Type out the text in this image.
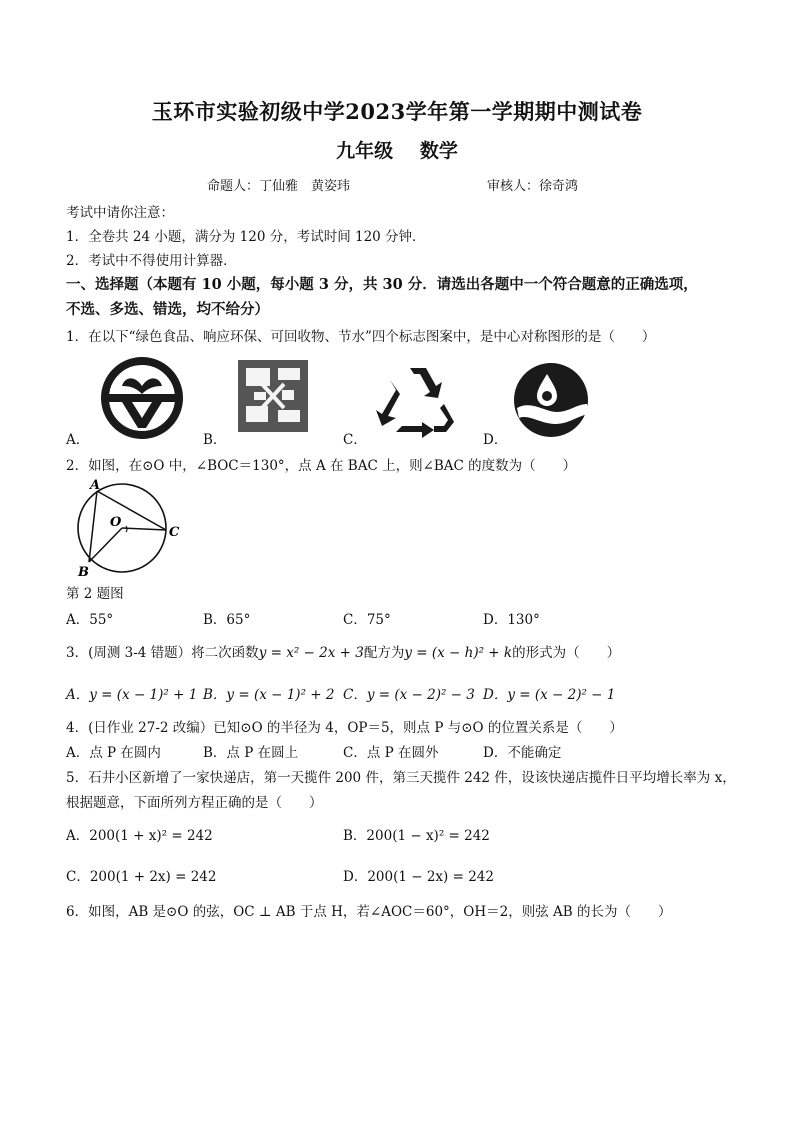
玉环市实验初级中学2023学年第一学期期中测试卷
九年级 数学
命题人：丁仙雅　黄姿玮	审核人：徐奇鸿
考试中请你注意：
1．全卷共 24 小题，满分为 120 分，考试时间 120 分钟．
2．考试中不得使用计算器．
一、选择题（本题有 10 小题，每小题 3 分，共 30 分．请选出各题中一个符合题意的正确选项，
不选、多选、错选，均不给分）
1．在以下“绿色食品、响应环保、可回收物、节水”四个标志图案中，是中心对称图形的是（　　）
A．	B．	C．	D．
2．如图，在⊙O 中，∠BOC＝130°，点 A 在 BAC 上，则∠BAC 的度数为（　　）
A
O
C
B
第 2 题图
A．55°	B．65°	C．75°	D．130°
3．(周测 3-4 错题）将二次函数y = x² − 2x + 3配方为y = (x − h)² + k的形式为（　　）
A．y = (x − 1)² + 1 B．y = (x − 1)² + 2 C．y = (x − 2)² − 3 D．y = (x − 2)² − 1
4．(日作业 27-2 改编）已知⊙O 的半径为 4，OP＝5，则点 P 与⊙O 的位置关系是（　　）
A．点 P 在圆内	B．点 P 在圆上	C．点 P 在圆外	D．不能确定
5．石井小区新增了一家快递店，第一天揽件 200 件，第三天揽件 242 件，设该快递店揽件日平均增长率为 x，
根据题意，下面所列方程正确的是（　　）
A．200(1 + x)² = 242	B．200(1 − x)² = 242
C．200(1 + 2x) = 242	D．200(1 − 2x) = 242
6．如图，AB 是⊙O 的弦，OC ⊥ AB 于点 H，若∠AOC＝60°，OH＝2，则弦 AB 的长为（　　）
